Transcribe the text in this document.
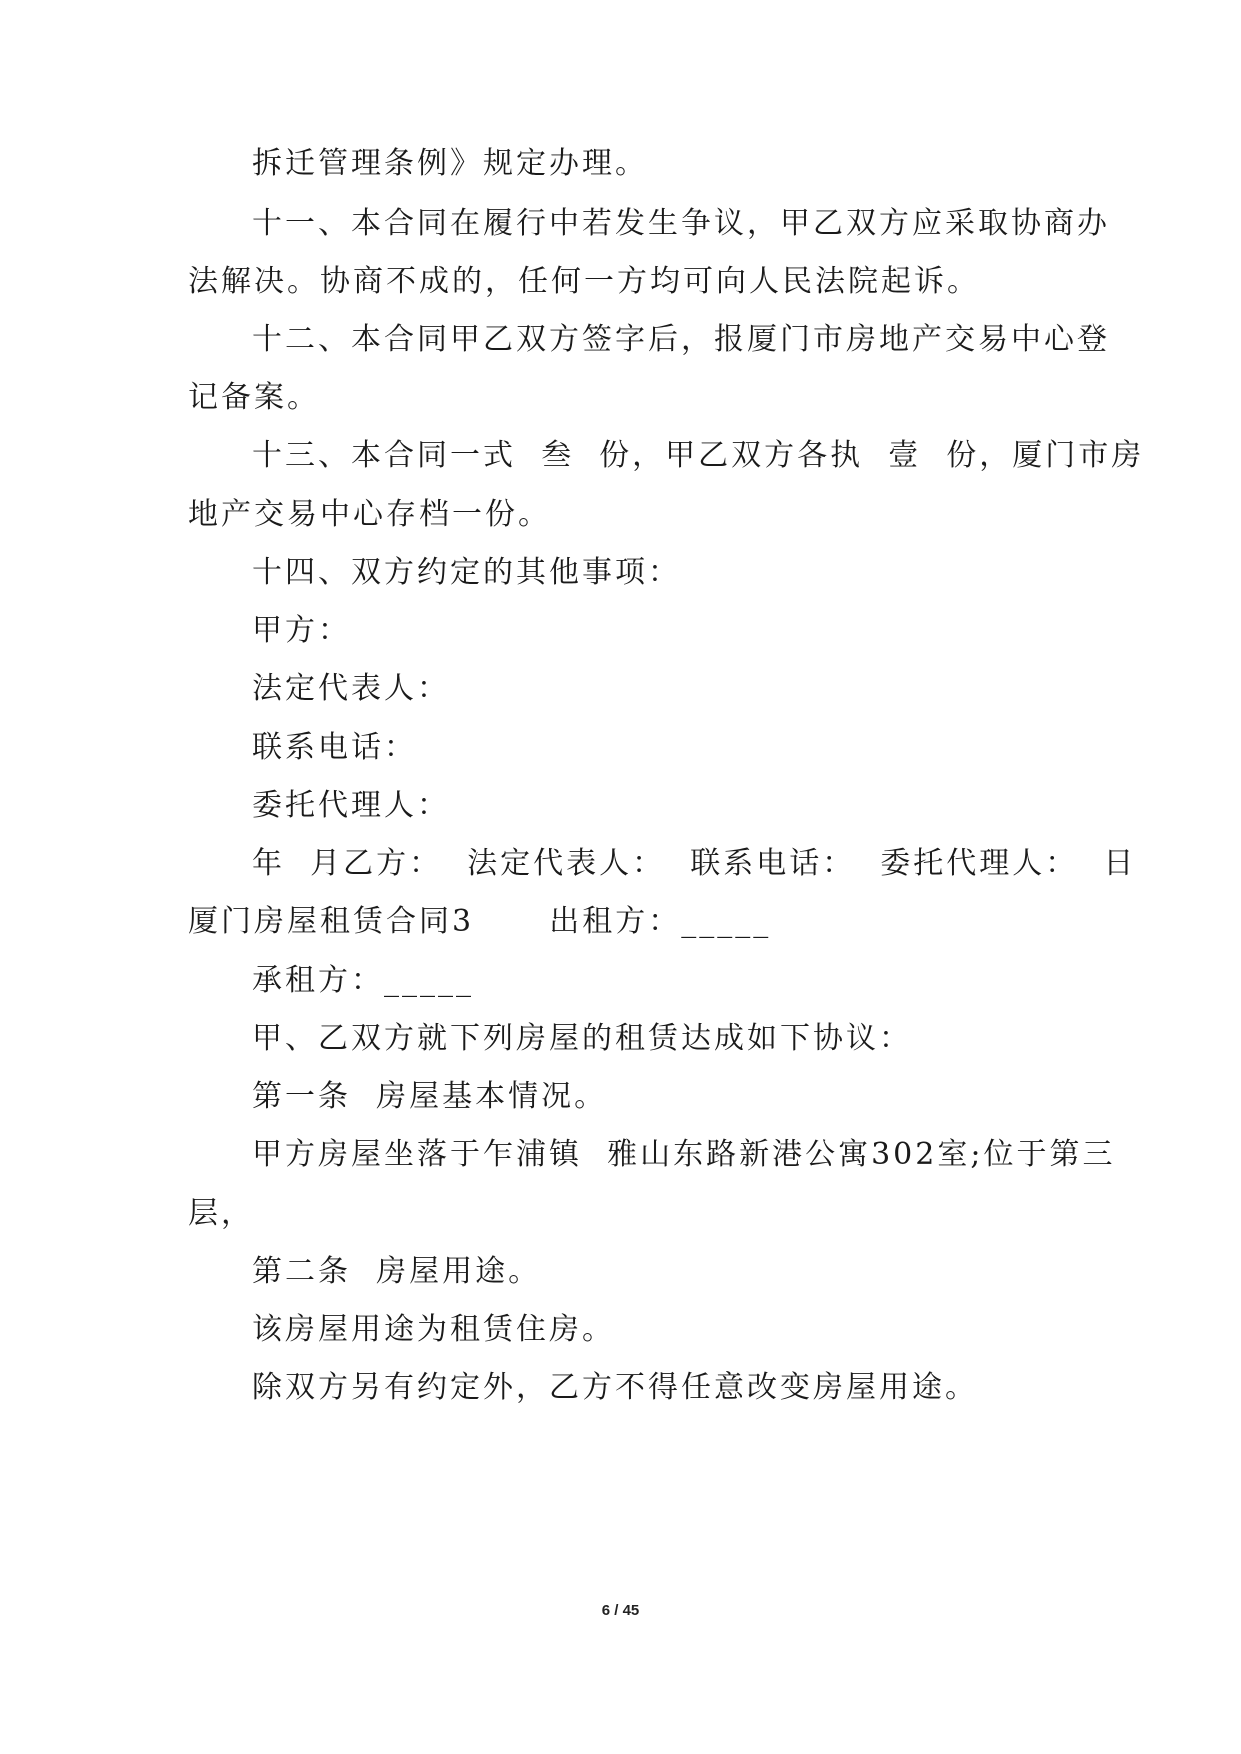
拆迁管理条例》规定办理。
十一、本合同在履行中若发生争议，甲乙双方应采取协商办
法解决。协商不成的，任何一方均可向人民法院起诉。
十二、本合同甲乙双方签字后，报厦门市房地产交易中心登
记备案。
十三、本合同一式  叁  份，甲乙双方各执  壹  份，厦门市房
地产交易中心存档一份。
十四、双方约定的其他事项：
甲方：
法定代表人：
联系电话：
委托代理人：
年  月乙方：  法定代表人：  联系电话：  委托代理人：  日
厦门房屋租赁合同3      出租方：_____
承租方：_____
甲、乙双方就下列房屋的租赁达成如下协议：
第一条  房屋基本情况。
甲方房屋坐落于乍浦镇  雅山东路新港公寓302室;位于第三
层，
第二条  房屋用途。
该房屋用途为租赁住房。
除双方另有约定外，乙方不得任意改变房屋用途。
6 / 45
